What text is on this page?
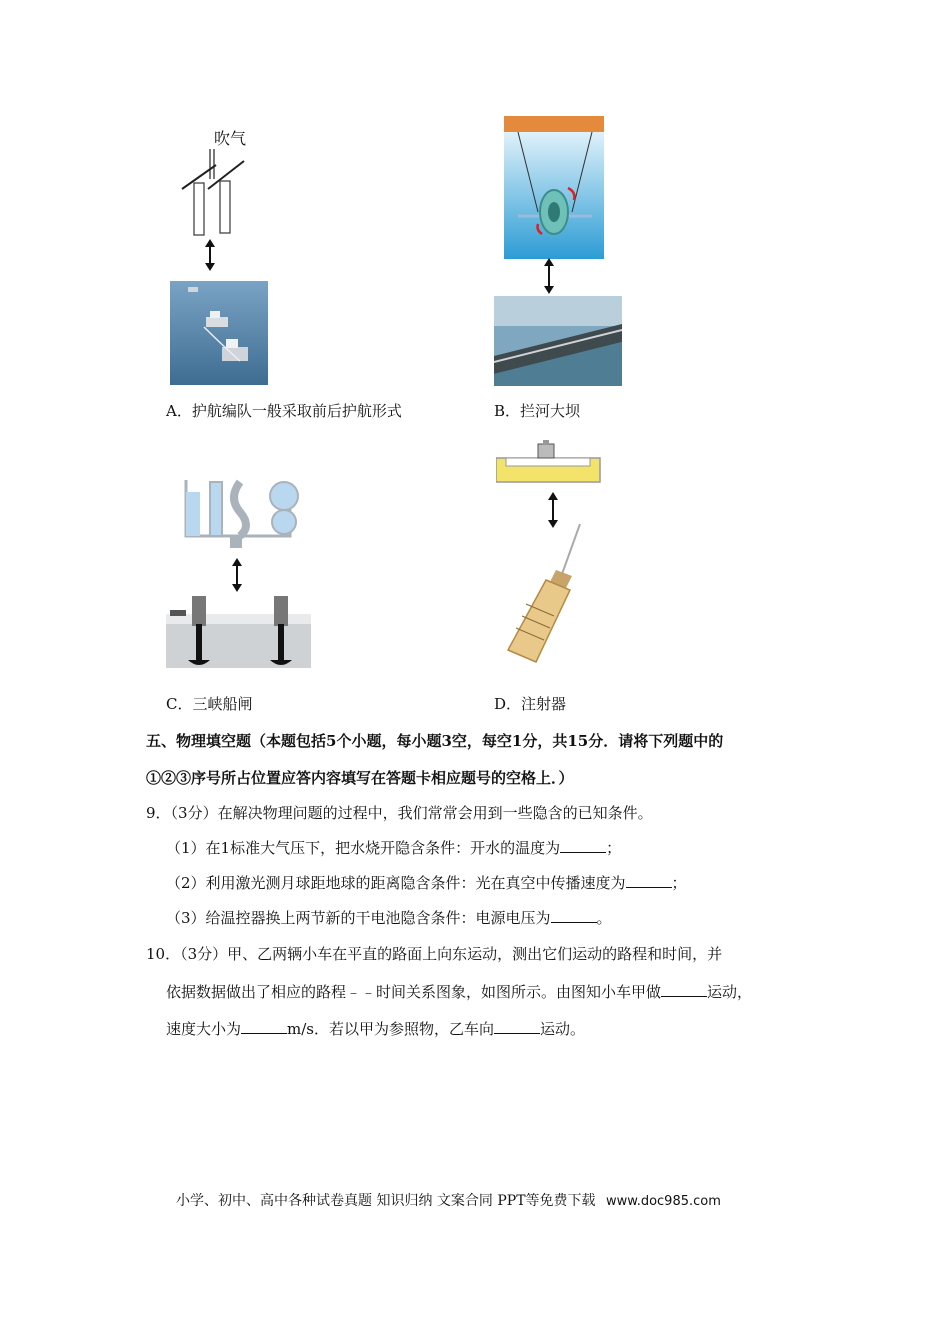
吹气
A．护航编队一般采取前后护航形式	B．拦河大坝
C．三峡船闸	D．注射器
五、物理填空题（本题包括5个小题，每小题3空，每空1分，共15分．请将下列题中的
①②③序号所占位置应答内容填写在答题卡相应题号的空格上．）
9．（3分）在解决物理问题的过程中，我们常常会用到一些隐含的已知条件。
（1）在1标准大气压下，把水烧开隐含条件：开水的温度为	；
（2）利用激光测月球距地球的距离隐含条件：光在真空中传播速度为	；
（3）给温控器换上两节新的干电池隐含条件：电源电压为	。
10．（3分）甲、乙两辆小车在平直的路面上向东运动，测出它们运动的路程和时间，并
依据数据做出了相应的路程﹣﹣时间关系图象，如图所示。由图知小车甲做	运动，
速度大小为	m/s．若以甲为参照物，乙车向	运动。
小学、初中、高中各种试卷真题 知识归纳 文案合同 PPT等免费下载 www.doc985.com
